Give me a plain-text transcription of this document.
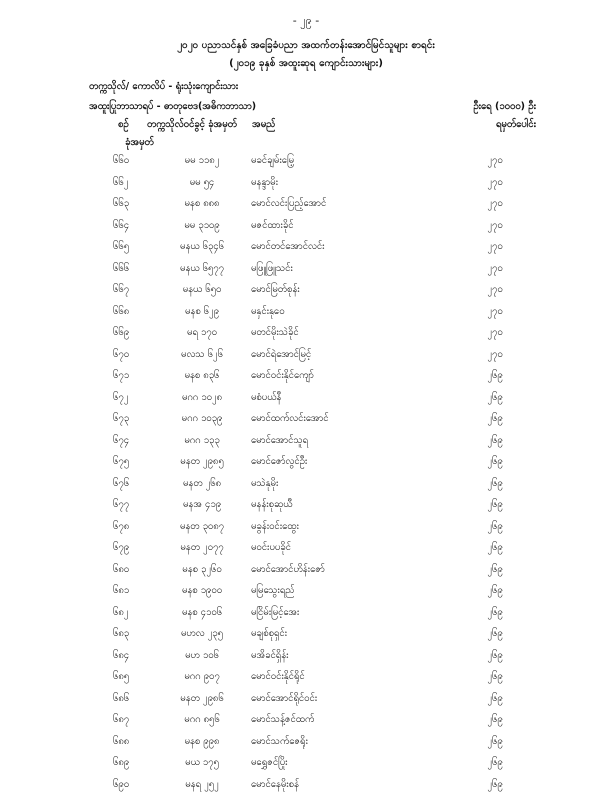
- ၂၉ -
၂၀၂၀ ပညာသင်နှစ် အခြေခံပညာ အထက်တန်းအောင်မြင်သူများ စာရင်း
(၂၀၁၉ ခုနှစ် အထူးဆုရ ကျောင်းသားများ)
တက္ကသိုလ်/ ကောလိပ် - ရုံးသုံးကျောင်းသား
အထူးပြုဘာသာရပ် - ဓာတုဗေဒ(အဓိကဘာသာ)	ဦးရေ (၁၀၀၀) ဦး
ရမှတ်ပေါင်း
စဉ် တက္ကသိုလ်ဝင်ခွင့် ခုံအမှတ် အမည်
ခုံအမှတ်
၆၆၀	မမ ၁၁၈၂	မခင်ချမ်းမြေ့	၂၇၀
၆၆၂	မမ ၅၄	မနန္ဒာမိုး	၂၇၀
၆၆၃	မနစ ၈၈၈	မောင်လင်းပြည့်အောင်	၂၇၀
၆၆၄	မမ ၃၁၀၉	မဇင်ထားခိုင်	၂၇၀
၆၆၅	မနယ ၆၃၄၆	မောင်တင်အောင်လင်း	၂၇၀
၆၆၆	မနယ ၆၅၇၇	မဖြူဖြူသင်း	၂၇၀
၆၆၇	မနယ ၆၅၀	မောင်မြတ်စုန်း	၂၇၀
၆၆၈	မနစ ၆၂၉	မနှင်းနု၀ေ	၂၇၀
၆၆၉	မရ ၁၇၀	မတင်မိုးသဲခိုင်	၂၇၀
၆၇၀	မလသ ၆၂၆	မောင်ရဲအောင်မြင့်	၂၇၀
၆၇၁	မနစ ၈၃၆	မောင်ဝင်းနိုင်ကျော်	၂၆၉
၆၇၂	မဂဂ ၁၀၂၈	မစံပယ်နီ	၂၆၉
၆၇၃	မဂဂ ၁၀၃၉	မောင်ထက်လင်းအောင်	၂၆၉
၆၇၄	မဂဂ ၁၃၃	မောင်အောင်သူရ	၂၆၉
၆၇၅	မနတ ၂၉၈၅	မောင်ဇော်လွင်ဦး	၂၆၉
၆၇၆	မနတ ၂၆၈	မသဲနုမိုး	၂၆၉
၆၇၇	မနအ ၄၁၉	မနန်းစုဆုယီ	၂၆၉
၆၇၈	မနတ ၃၀၈၇	မခွန်းဝင်းထွေး	၂၆၉
၆၇၉	မနတ ၂၀၇၇	မဝင်းပပခိုင်	၂၆၉
၆၈၀	မနစ ၃၂၆၀	မောင်အောင်ဟိန်းဇော်	၂၆၉
၆၈၁	မနစ ၁၉၀၀	မမြသွေးရည်	၂၆၉
၆၈၂	မနစ ၄၁၀၆	မငြိမ်းမြင့်အေး	၂၆၉
၆၈၃	မဟလ ၂၃၅	မချစ်စုရှင်း	၂၆၉
၆၈၄	မဟ ၁၀၆	မအိခင်ရှိန်း	၂၆၉
၆၈၅	မဂဂ ၉၀၇	မောင်ဝင်းနိုင်ရိုင်	၂၆၉
၆၈၆	မနတ ၂၉၈၆	မောင်အောင်ရိုင်ဝင်း	၂၆၉
၆၈၇	မဂဂ ၈၅၆	မောင်သန့်ဇင်ထက်	၂၆၉
၆၈၈	မနစ ၉၉၈	မောင်သက်ဇေရိုး	၂၆၉
၆၈၉	မယ ၁၇၅	မရွှေဇင်ပြိုး	၂၆၉
၆၉၀	မနရ ၂၅၂	မောင်နေမိုးစန်	၂၆၉
